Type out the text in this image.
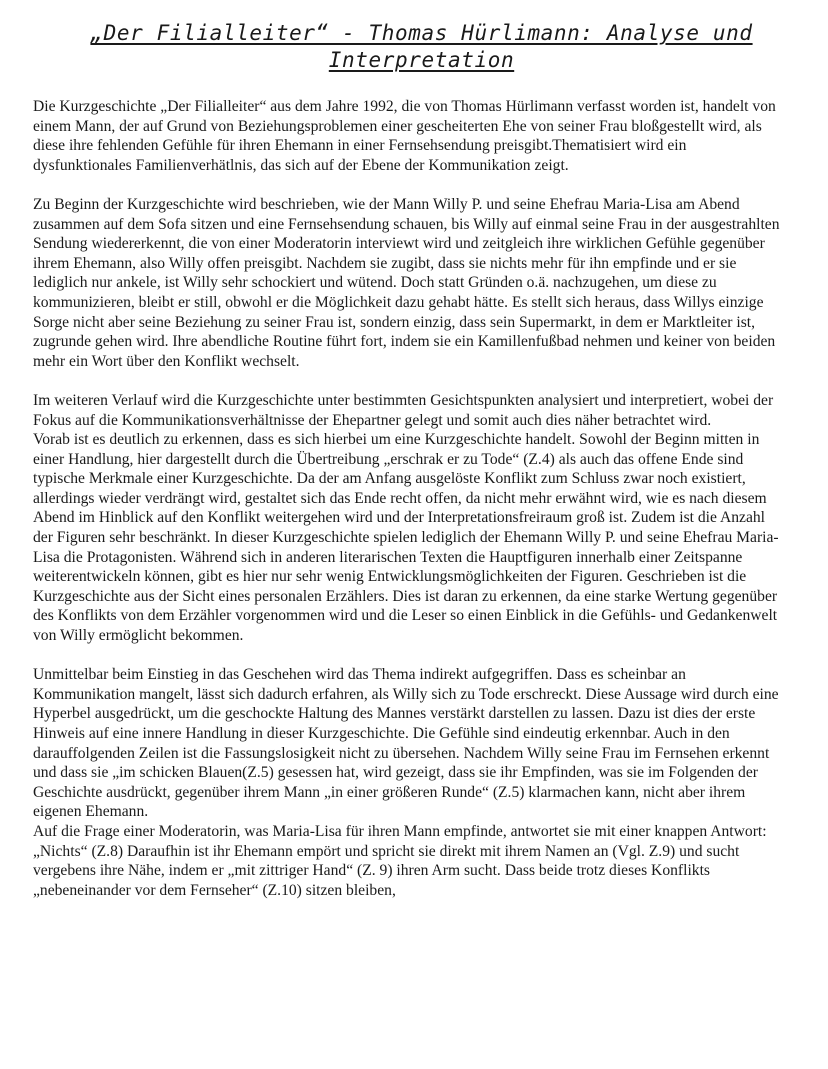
„Der Filialleiter“ - Thomas Hürlimann: Analyse und Interpretation

Die Kurzgeschichte „Der Filialleiter“ aus dem Jahre 1992, die von Thomas Hürlimann verfasst worden ist, handelt von einem Mann, der auf Grund von Beziehungsproblemen einer gescheiterten Ehe von seiner Frau bloßgestellt wird, als diese ihre fehlenden Gefühle für ihren Ehemann in einer Fernsehsendung preisgibt.Thematisiert wird ein dysfunktionales Familienverhätlnis, das sich auf der Ebene der Kommunikation zeigt.

Zu Beginn der Kurzgeschichte wird beschrieben, wie der Mann Willy P. und seine Ehefrau Maria-Lisa am Abend zusammen auf dem Sofa sitzen und eine Fernsehsendung schauen, bis Willy auf einmal seine Frau in der ausgestrahlten Sendung wiedererkennt, die von einer Moderatorin interviewt wird und zeitgleich ihre wirklichen Gefühle gegenüber ihrem Ehemann, also Willy offen preisgibt. Nachdem sie zugibt, dass sie nichts mehr für ihn empfinde und er sie lediglich nur ankele, ist Willy sehr schockiert und wütend. Doch statt Gründen o.ä. nachzugehen, um diese zu kommunizieren, bleibt er still, obwohl er die Möglichkeit dazu gehabt hätte. Es stellt sich heraus, dass Willys einzige Sorge nicht aber seine Beziehung zu seiner Frau ist, sondern einzig, dass sein Supermarkt, in dem er Marktleiter ist, zugrunde gehen wird. Ihre abendliche Routine führt fort, indem sie ein Kamillenfußbad nehmen und keiner von beiden mehr ein Wort über den Konflikt wechselt.

Im weiteren Verlauf wird die Kurzgeschichte unter bestimmten Gesichtspunkten analysiert und interpretiert, wobei der Fokus auf die Kommunikationsverhältnisse der Ehepartner gelegt und somit auch dies näher betrachtet wird.

Vorab ist es deutlich zu erkennen, dass es sich hierbei um eine Kurzgeschichte handelt. Sowohl der Beginn mitten in einer Handlung, hier dargestellt durch die Übertreibung „erschrak er zu Tode“ (Z.4) als auch das offene Ende sind typische Merkmale einer Kurzgeschichte. Da der am Anfang ausgelöste Konflikt zum Schluss zwar noch existiert, allerdings wieder verdrängt wird, gestaltet sich das Ende recht offen, da nicht mehr erwähnt wird, wie es nach diesem Abend im Hinblick auf den Konflikt weitergehen wird und der Interpretationsfreiraum groß ist. Zudem ist die Anzahl der Figuren sehr beschränkt. In dieser Kurzgeschichte spielen lediglich der Ehemann Willy P. und seine Ehefrau Maria-Lisa die Protagonisten. Während sich in anderen literarischen Texten die Hauptfiguren innerhalb einer Zeitspanne weiterentwickeln können, gibt es hier nur sehr wenig Entwicklungsmöglichkeiten der Figuren. Geschrieben ist die Kurzgeschichte aus der Sicht eines personalen Erzählers. Dies ist daran zu erkennen, da eine starke Wertung gegenüber des Konflikts von dem Erzähler vorgenommen wird und die Leser so einen Einblick in die Gefühls- und Gedankenwelt von Willy ermöglicht bekommen.

Unmittelbar beim Einstieg in das Geschehen wird das Thema indirekt aufgegriffen. Dass es scheinbar an Kommunikation mangelt, lässt sich dadurch erfahren, als Willy sich zu Tode erschreckt. Diese Aussage wird durch eine Hyperbel ausgedrückt, um die geschockte Haltung des Mannes verstärkt darstellen zu lassen. Dazu ist dies der erste Hinweis auf eine innere Handlung in dieser Kurzgeschichte. Die Gefühle sind eindeutig erkennbar. Auch in den darauffolgenden Zeilen ist die Fassungslosigkeit nicht zu übersehen. Nachdem Willy seine Frau im Fernsehen erkennt und dass sie „im schicken Blauen(Z.5) gesessen hat, wird gezeigt, dass sie ihr Empfinden, was sie im Folgenden der Geschichte ausdrückt, gegenüber ihrem Mann „in einer größeren Runde“ (Z.5) klarmachen kann, nicht aber ihrem eigenen Ehemann.

Auf die Frage einer Moderatorin, was Maria-Lisa für ihren Mann empfinde, antwortet sie mit einer knappen Antwort: „Nichts“ (Z.8) Daraufhin ist ihr Ehemann empört und spricht sie direkt mit ihrem Namen an (Vgl. Z.9) und sucht vergebens ihre Nähe, indem er „mit zittriger Hand“ (Z. 9) ihren Arm sucht. Dass beide trotz dieses Konflikts „nebeneinander vor dem Fernseher“ (Z.10) sitzen bleiben,
